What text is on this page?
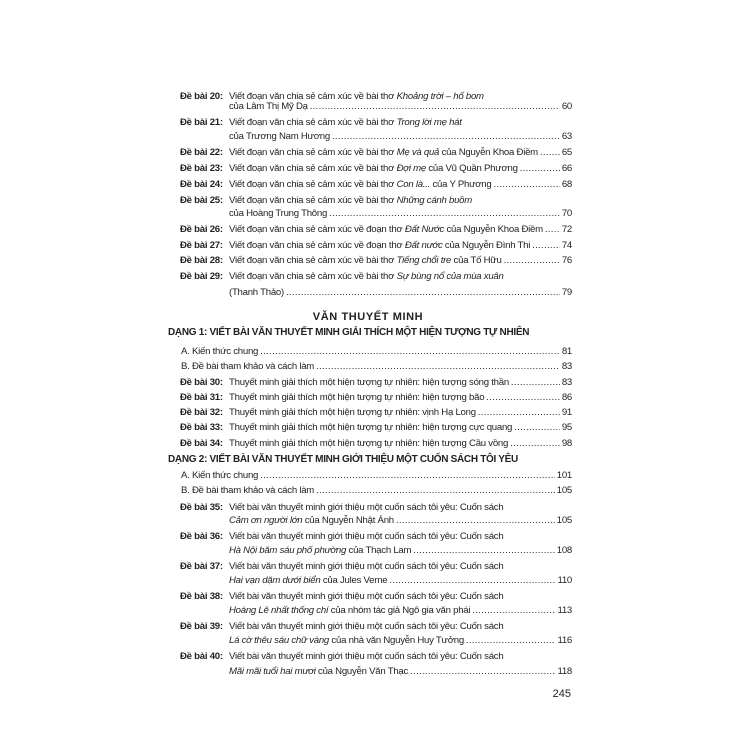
VĂN THUYẾT MINH
DẠNG 1: VIẾT BÀI VĂN THUYẾT MINH GIẢI THÍCH MỘT HIỆN TƯỢNG TỰ NHIÊN
DẠNG 2: VIẾT BÀI VĂN THUYẾT MINH GIỚI THIỆU MỘT CUỐN SÁCH TÔI YÊU
245
Đề bài 20: Viết đoạn văn chia sẻ cảm xúc về bài thơ Khoảng trời – hố bom
của Lâm Thị Mỹ Dạ .....	60
Đề bài 21: Viết đoạn văn chia sẻ cảm xúc về bài thơ Trong lời mẹ hát
của Trương Nam Hương .....	63
Đề bài 22: Viết đoạn văn chia sẻ cảm xúc về bài thơ Mẹ và quả của Nguyễn Khoa Điềm ..... 65
Đề bài 23: Viết đoạn văn chia sẻ cảm xúc về bài thơ Đợi mẹ của Vũ Quần Phương .....	66
Đề bài 24: Viết đoạn văn chia sẻ cảm xúc về bài thơ Con là... của Y Phương .....	68
Đề bài 25: Viết đoạn văn chia sẻ cảm xúc về bài thơ Những cánh buồm
của Hoàng Trung Thông .....	70
Đề bài 26: Viết đoạn văn chia sẻ cảm xúc về đoạn thơ Đất Nước của Nguyễn Khoa Điềm ..... 72
Đề bài 27: Viết đoạn văn chia sẻ cảm xúc về đoạn thơ Đất nước của Nguyễn Đình Thi .....	74
Đề bài 28: Viết đoạn văn chia sẻ cảm xúc về bài thơ Tiếng chổi tre của Tố Hữu .....	76
Đề bài 29: Viết đoạn văn chia sẻ cảm xúc về bài thơ Sự bùng nổ của mùa xuân
(Thanh Thảo) .....	79
A. Kiến thức chung .....	81
B. Đề bài tham khảo và cách làm .....	83
Đề bài 30: Thuyết minh giải thích một hiện tượng tự nhiên: hiện tượng sóng thần .....	83
Đề bài 31: Thuyết minh giải thích một hiện tượng tự nhiên: hiện tượng bão .....	86
Đề bài 32: Thuyết minh giải thích một hiện tượng tự nhiên: vịnh Hạ Long .....	91
Đề bài 33: Thuyết minh giải thích một hiện tượng tự nhiên: hiện tượng cực quang .....	95
Đề bài 34: Thuyết minh giải thích một hiện tượng tự nhiên: hiện tượng Cầu vồng .....	98
A. Kiến thức chung .....	101
B. Đề bài tham khảo và cách làm .....	105
Đề bài 35: Viết bài văn thuyết minh giới thiệu một cuốn sách tôi yêu: Cuốn sách
Cảm ơn người lớn của Nguyễn Nhật Ánh .....	105
Đề bài 36: Viết bài văn thuyết minh giới thiệu một cuốn sách tôi yêu: Cuốn sách
Hà Nội băm sáu phố phường của Thạch Lam .....	108
Đề bài 37: Viết bài văn thuyết minh giới thiệu một cuốn sách tôi yêu: Cuốn sách
Hai vạn dặm dưới biển của Jules Verne .....	110
Đề bài 38: Viết bài văn thuyết minh giới thiệu một cuốn sách tôi yêu: Cuốn sách
Hoàng Lê nhất thống chí của nhóm tác giả Ngô gia văn phái .....	113
Đề bài 39: Viết bài văn thuyết minh giới thiệu một cuốn sách tôi yêu: Cuốn sách
Lá cờ thêu sáu chữ vàng của nhà văn Nguyễn Huy Tưởng .....	116
Đề bài 40: Viết bài văn thuyết minh giới thiệu một cuốn sách tôi yêu: Cuốn sách
Mãi mãi tuổi hai mươi của Nguyễn Văn Thạc .....	118
